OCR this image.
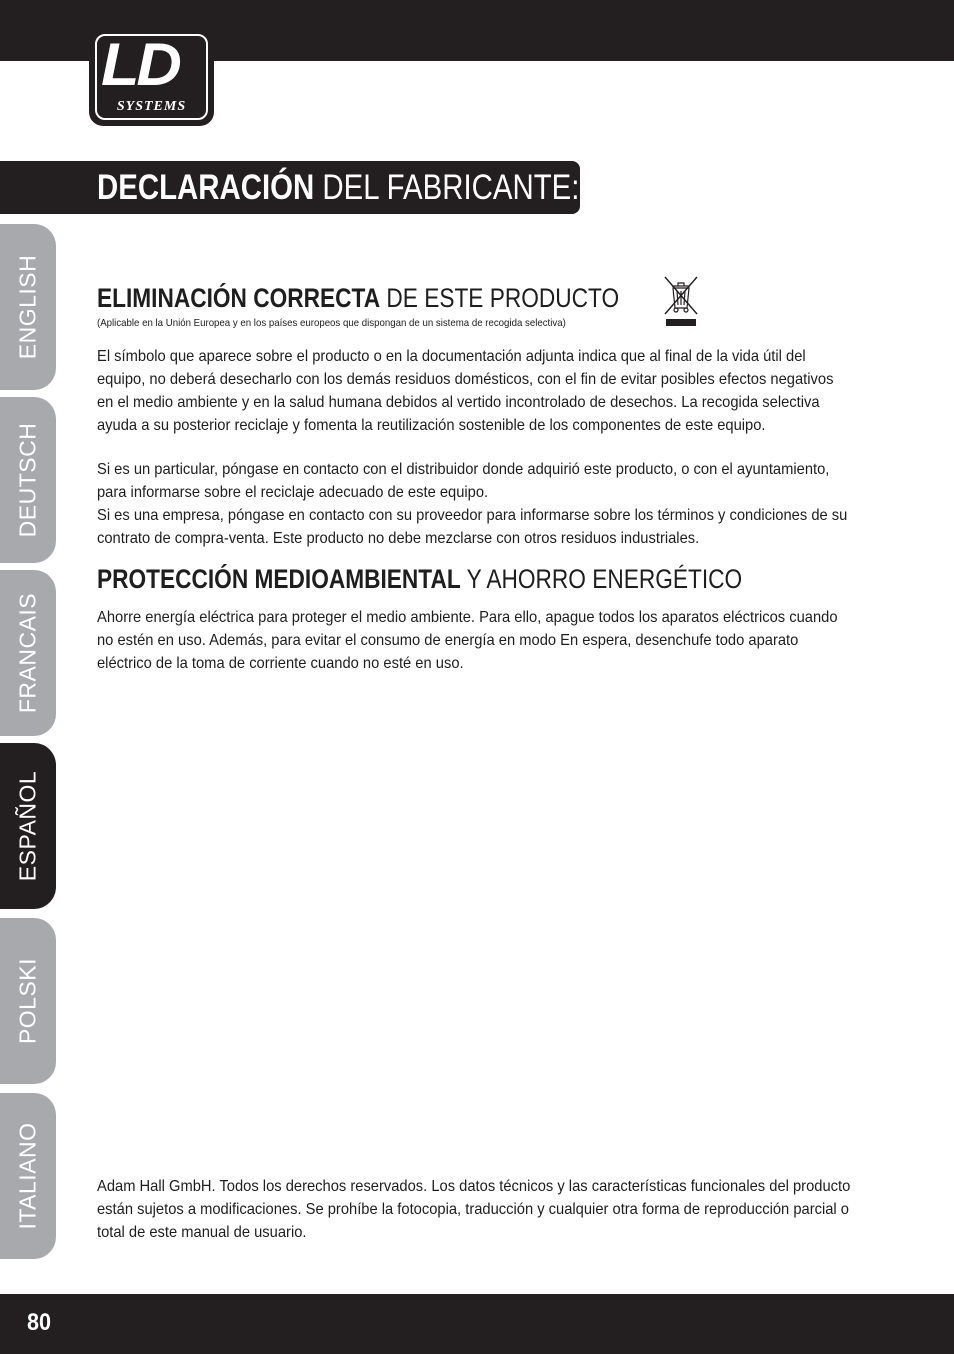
LD
SYSTEMS
DECLARACIÓN DEL FABRICANTE:
ENGLISH
DEUTSCH
FRANCAIS
ESPAÑOL
POLSKI
ITALIANO
ELIMINACIÓN CORRECTA DE ESTE PRODUCTO
(Aplicable en la Unión Europea y en los países europeos que dispongan de un sistema de recogida selectiva)

El símbolo que aparece sobre el producto o en la documentación adjunta indica que al final de la vida útil del equipo, no deberá desecharlo con los demás residuos domésticos, con el fin de evitar posibles efectos negativos en el medio ambiente y en la salud humana debidos al vertido incontrolado de desechos. La recogida selectiva ayuda a su posterior reciclaje y fomenta la reutilización sostenible de los componentes de este equipo.

Si es un particular, póngase en contacto con el distribuidor donde adquirió este producto, o con el ayuntamiento, para informarse sobre el reciclaje adecuado de este equipo.

Si es una empresa, póngase en contacto con su proveedor para informarse sobre los términos y condiciones de su contrato de compra-venta. Este producto no debe mezclarse con otros residuos industriales.

PROTECCIÓN MEDIOAMBIENTAL Y AHORRO ENERGÉTICO

Ahorre energía eléctrica para proteger el medio ambiente. Para ello, apague todos los aparatos eléctricos cuando no estén en uso. Además, para evitar el consumo de energía en modo En espera, desenchufe todo aparato eléctrico de la toma de corriente cuando no esté en uso.

Adam Hall GmbH. Todos los derechos reservados. Los datos técnicos y las características funcionales del producto están sujetos a modificaciones. Se prohíbe la fotocopia, traducción y cualquier otra forma de reproducción parcial o total de este manual de usuario.

80
